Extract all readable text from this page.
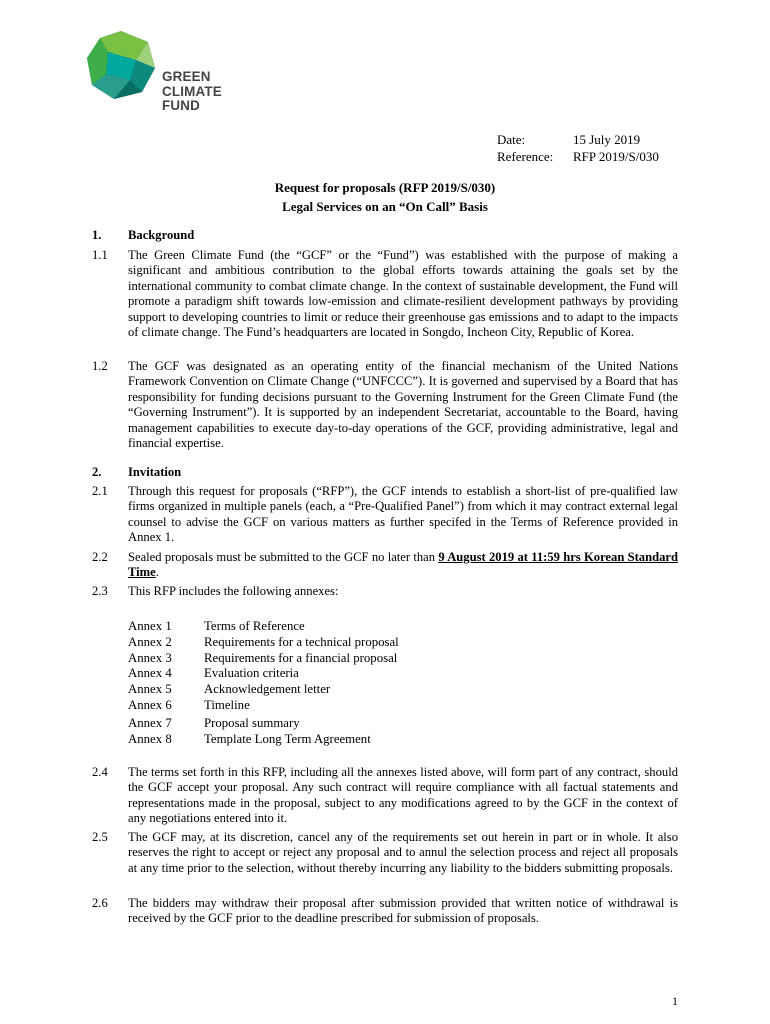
GREEN
CLIMATE
FUND
Date:	15 July 2019
Reference:	RFP 2019/S/030
Request for proposals (RFP 2019/S/030)
Legal Services on an “On Call” Basis
1. Background
1.1 The Green Climate Fund (the “GCF” or the “Fund”) was established with the purpose of making a significant and ambitious contribution to the global efforts towards attaining the goals set by the international community to combat climate change. In the context of sustainable development, the Fund will promote a paradigm shift towards low-emission and climate-resilient development pathways by providing support to developing countries to limit or reduce their greenhouse gas emissions and to adapt to the impacts of climate change. The Fund’s headquarters are located in Songdo, Incheon City, Republic of Korea.
1.2 The GCF was designated as an operating entity of the financial mechanism of the United Nations Framework Convention on Climate Change (“UNFCCC”). It is governed and supervised by a Board that has responsibility for funding decisions pursuant to the Governing Instrument for the Green Climate Fund (the “Governing Instrument”). It is supported by an independent Secretariat, accountable to the Board, having management capabilities to execute day-to-day operations of the GCF, providing administrative, legal and financial expertise.
2. Invitation
2.1 Through this request for proposals (“RFP”), the GCF intends to establish a short-list of pre-qualified law firms organized in multiple panels (each, a “Pre-Qualified Panel”) from which it may contract external legal counsel to advise the GCF on various matters as further specifed in the Terms of Reference provided in Annex 1.
2.2 Sealed proposals must be submitted to the GCF no later than 9 August 2019 at 11:59 hrs Korean Standard Time.
2.3 This RFP includes the following annexes:
Annex 1	Terms of Reference
Annex 2	Requirements for a technical proposal
Annex 3	Requirements for a financial proposal
Annex 4	Evaluation criteria
Annex 5	Acknowledgement letter
Annex 6	Timeline
Annex 7	Proposal summary
Annex 8	Template Long Term Agreement
2.4 The terms set forth in this RFP, including all the annexes listed above, will form part of any contract, should the GCF accept your proposal. Any such contract will require compliance with all factual statements and representations made in the proposal, subject to any modifications agreed to by the GCF in the context of any negotiations entered into it.
2.5 The GCF may, at its discretion, cancel any of the requirements set out herein in part or in whole. It also reserves the right to accept or reject any proposal and to annul the selection process and reject all proposals at any time prior to the selection, without thereby incurring any liability to the bidders submitting proposals.
2.6 The bidders may withdraw their proposal after submission provided that written notice of withdrawal is received by the GCF prior to the deadline prescribed for submission of proposals.
1
